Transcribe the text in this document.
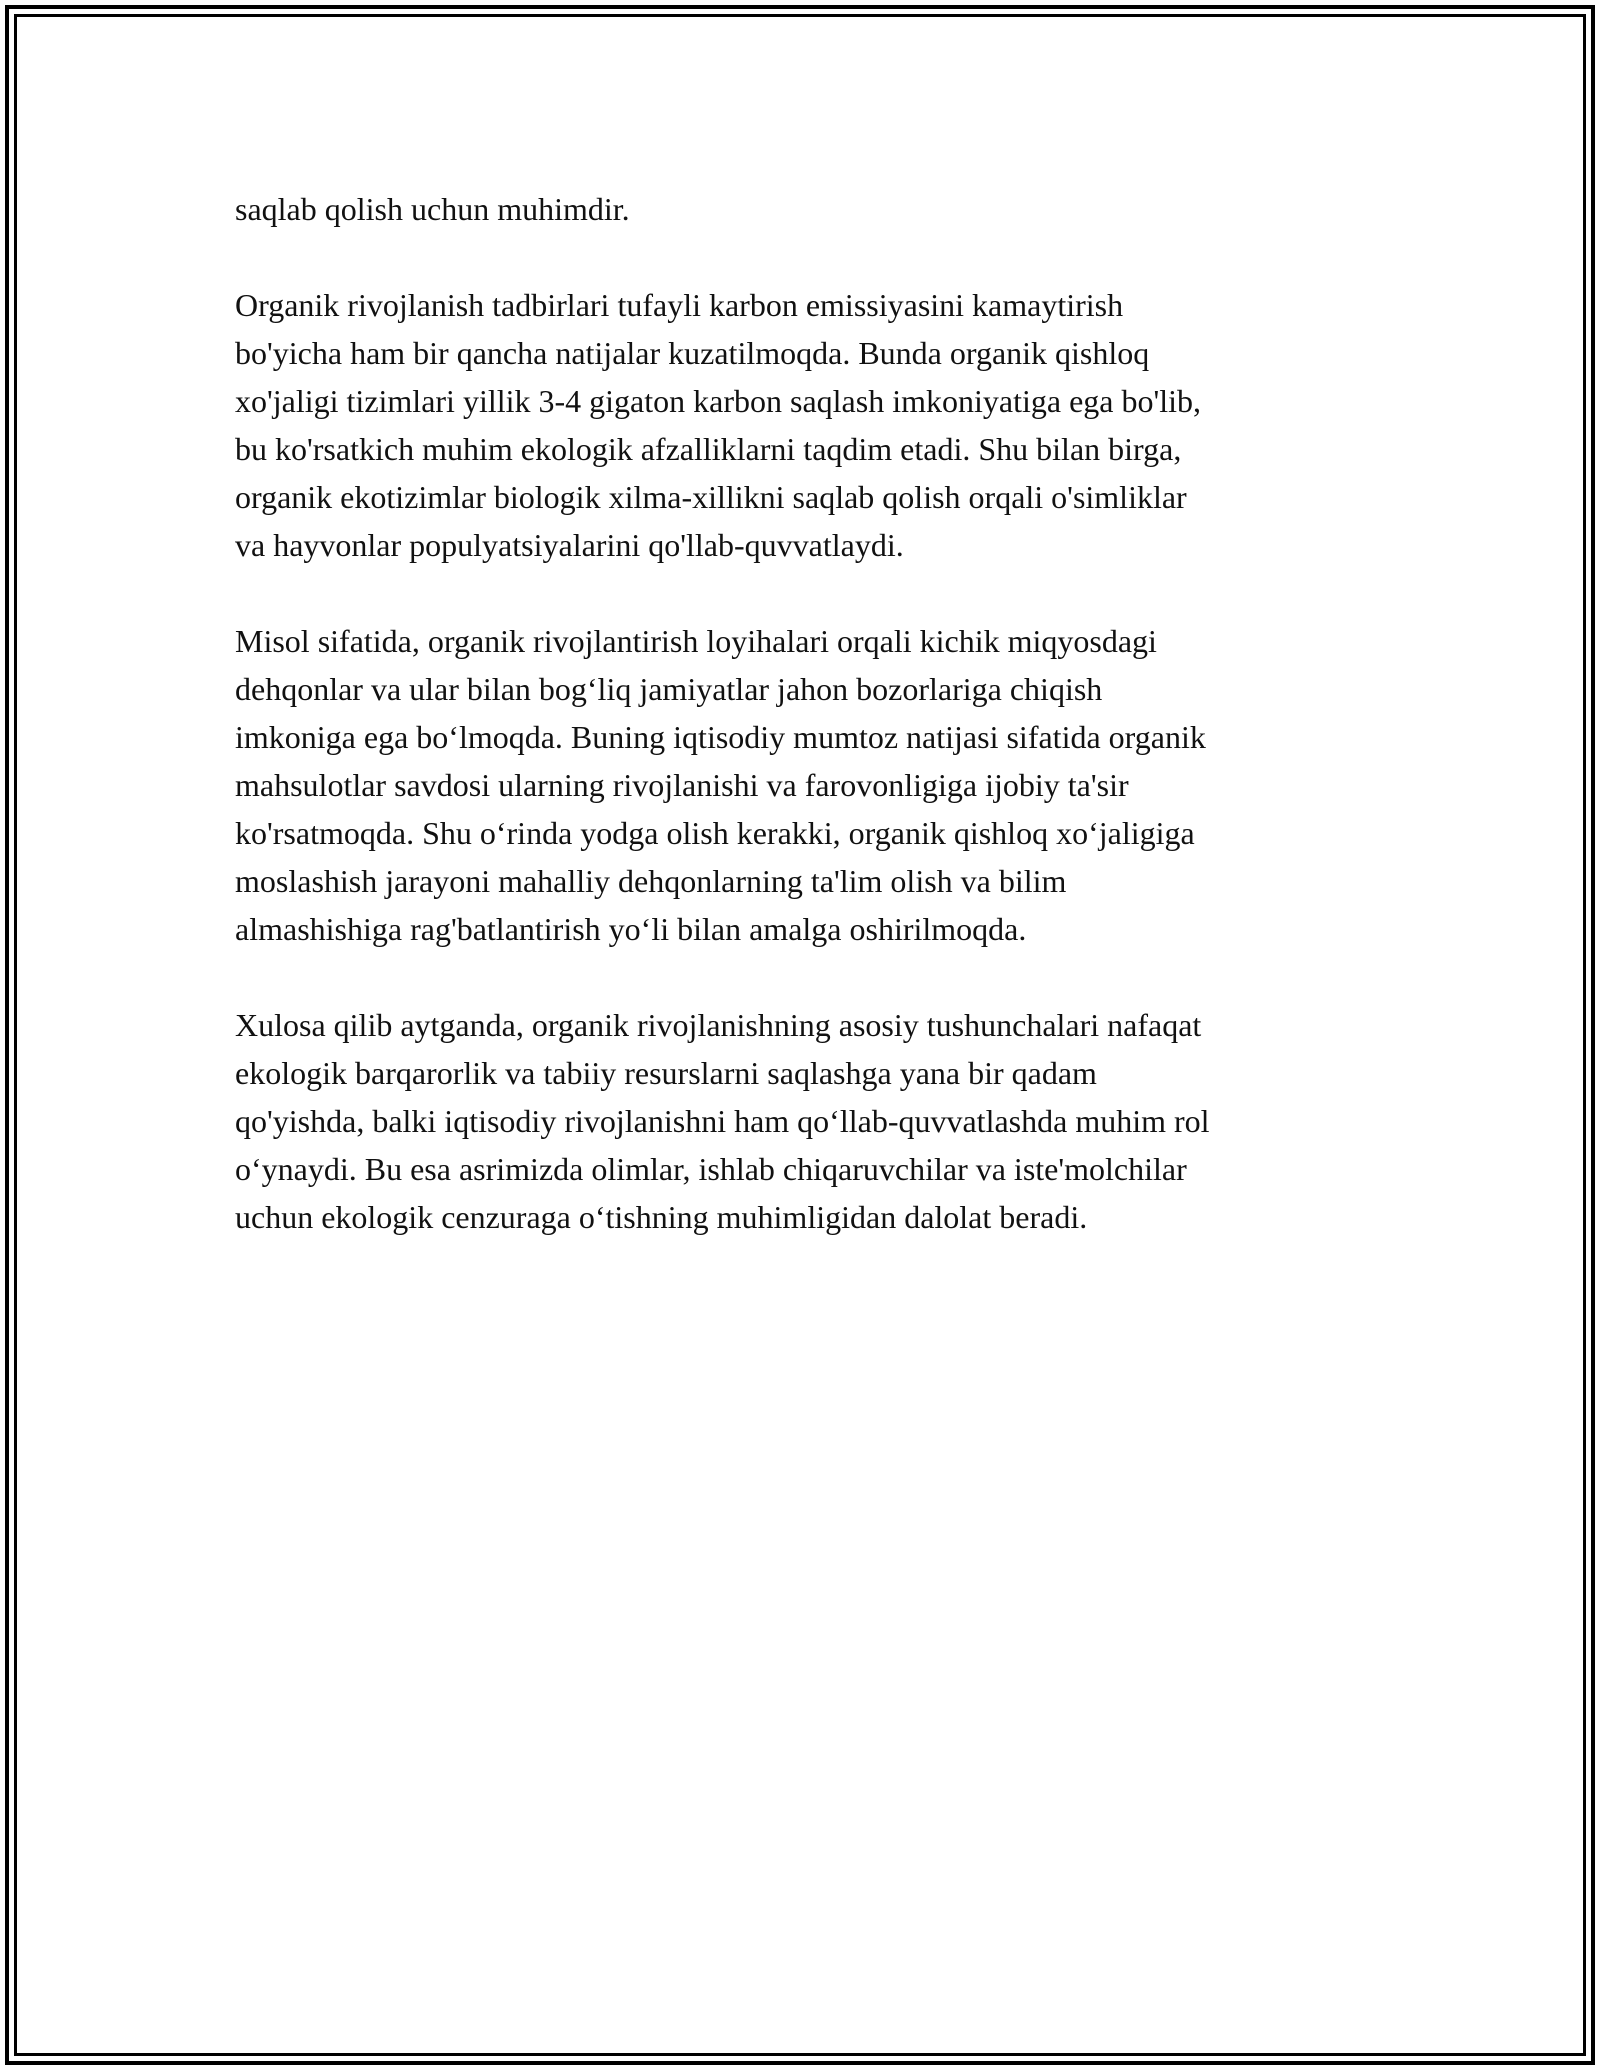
saqlab qolish uchun muhimdir.

Organik rivojlanish tadbirlari tufayli karbon emissiyasini kamaytirish
bo'yicha ham bir qancha natijalar kuzatilmoqda. Bunda organik qishloq
xo'jaligi tizimlari yillik 3-4 gigaton karbon saqlash imkoniyatiga ega bo'lib,
bu ko'rsatkich muhim ekologik afzalliklarni taqdim etadi. Shu bilan birga,
organik ekotizimlar biologik xilma-xillikni saqlab qolish orqali o'simliklar
va hayvonlar populyatsiyalarini qo'llab-quvvatlaydi.

Misol sifatida, organik rivojlantirish loyihalari orqali kichik miqyosdagi
dehqonlar va ular bilan bog‘liq jamiyatlar jahon bozorlariga chiqish
imkoniga ega bo‘lmoqda. Buning iqtisodiy mumtoz natijasi sifatida organik
mahsulotlar savdosi ularning rivojlanishi va farovonligiga ijobiy ta'sir
ko'rsatmoqda. Shu o‘rinda yodga olish kerakki, organik qishloq xo‘jaligiga
moslashish jarayoni mahalliy dehqonlarning ta'lim olish va bilim
almashishiga rag'batlantirish yo‘li bilan amalga oshirilmoqda.

Xulosa qilib aytganda, organik rivojlanishning asosiy tushunchalari nafaqat
ekologik barqarorlik va tabiiy resurslarni saqlashga yana bir qadam
qo'yishda, balki iqtisodiy rivojlanishni ham qo‘llab-quvvatlashda muhim rol
o‘ynaydi. Bu esa asrimizda olimlar, ishlab chiqaruvchilar va iste'molchilar
uchun ekologik cenzuraga o‘tishning muhimligidan dalolat beradi.
